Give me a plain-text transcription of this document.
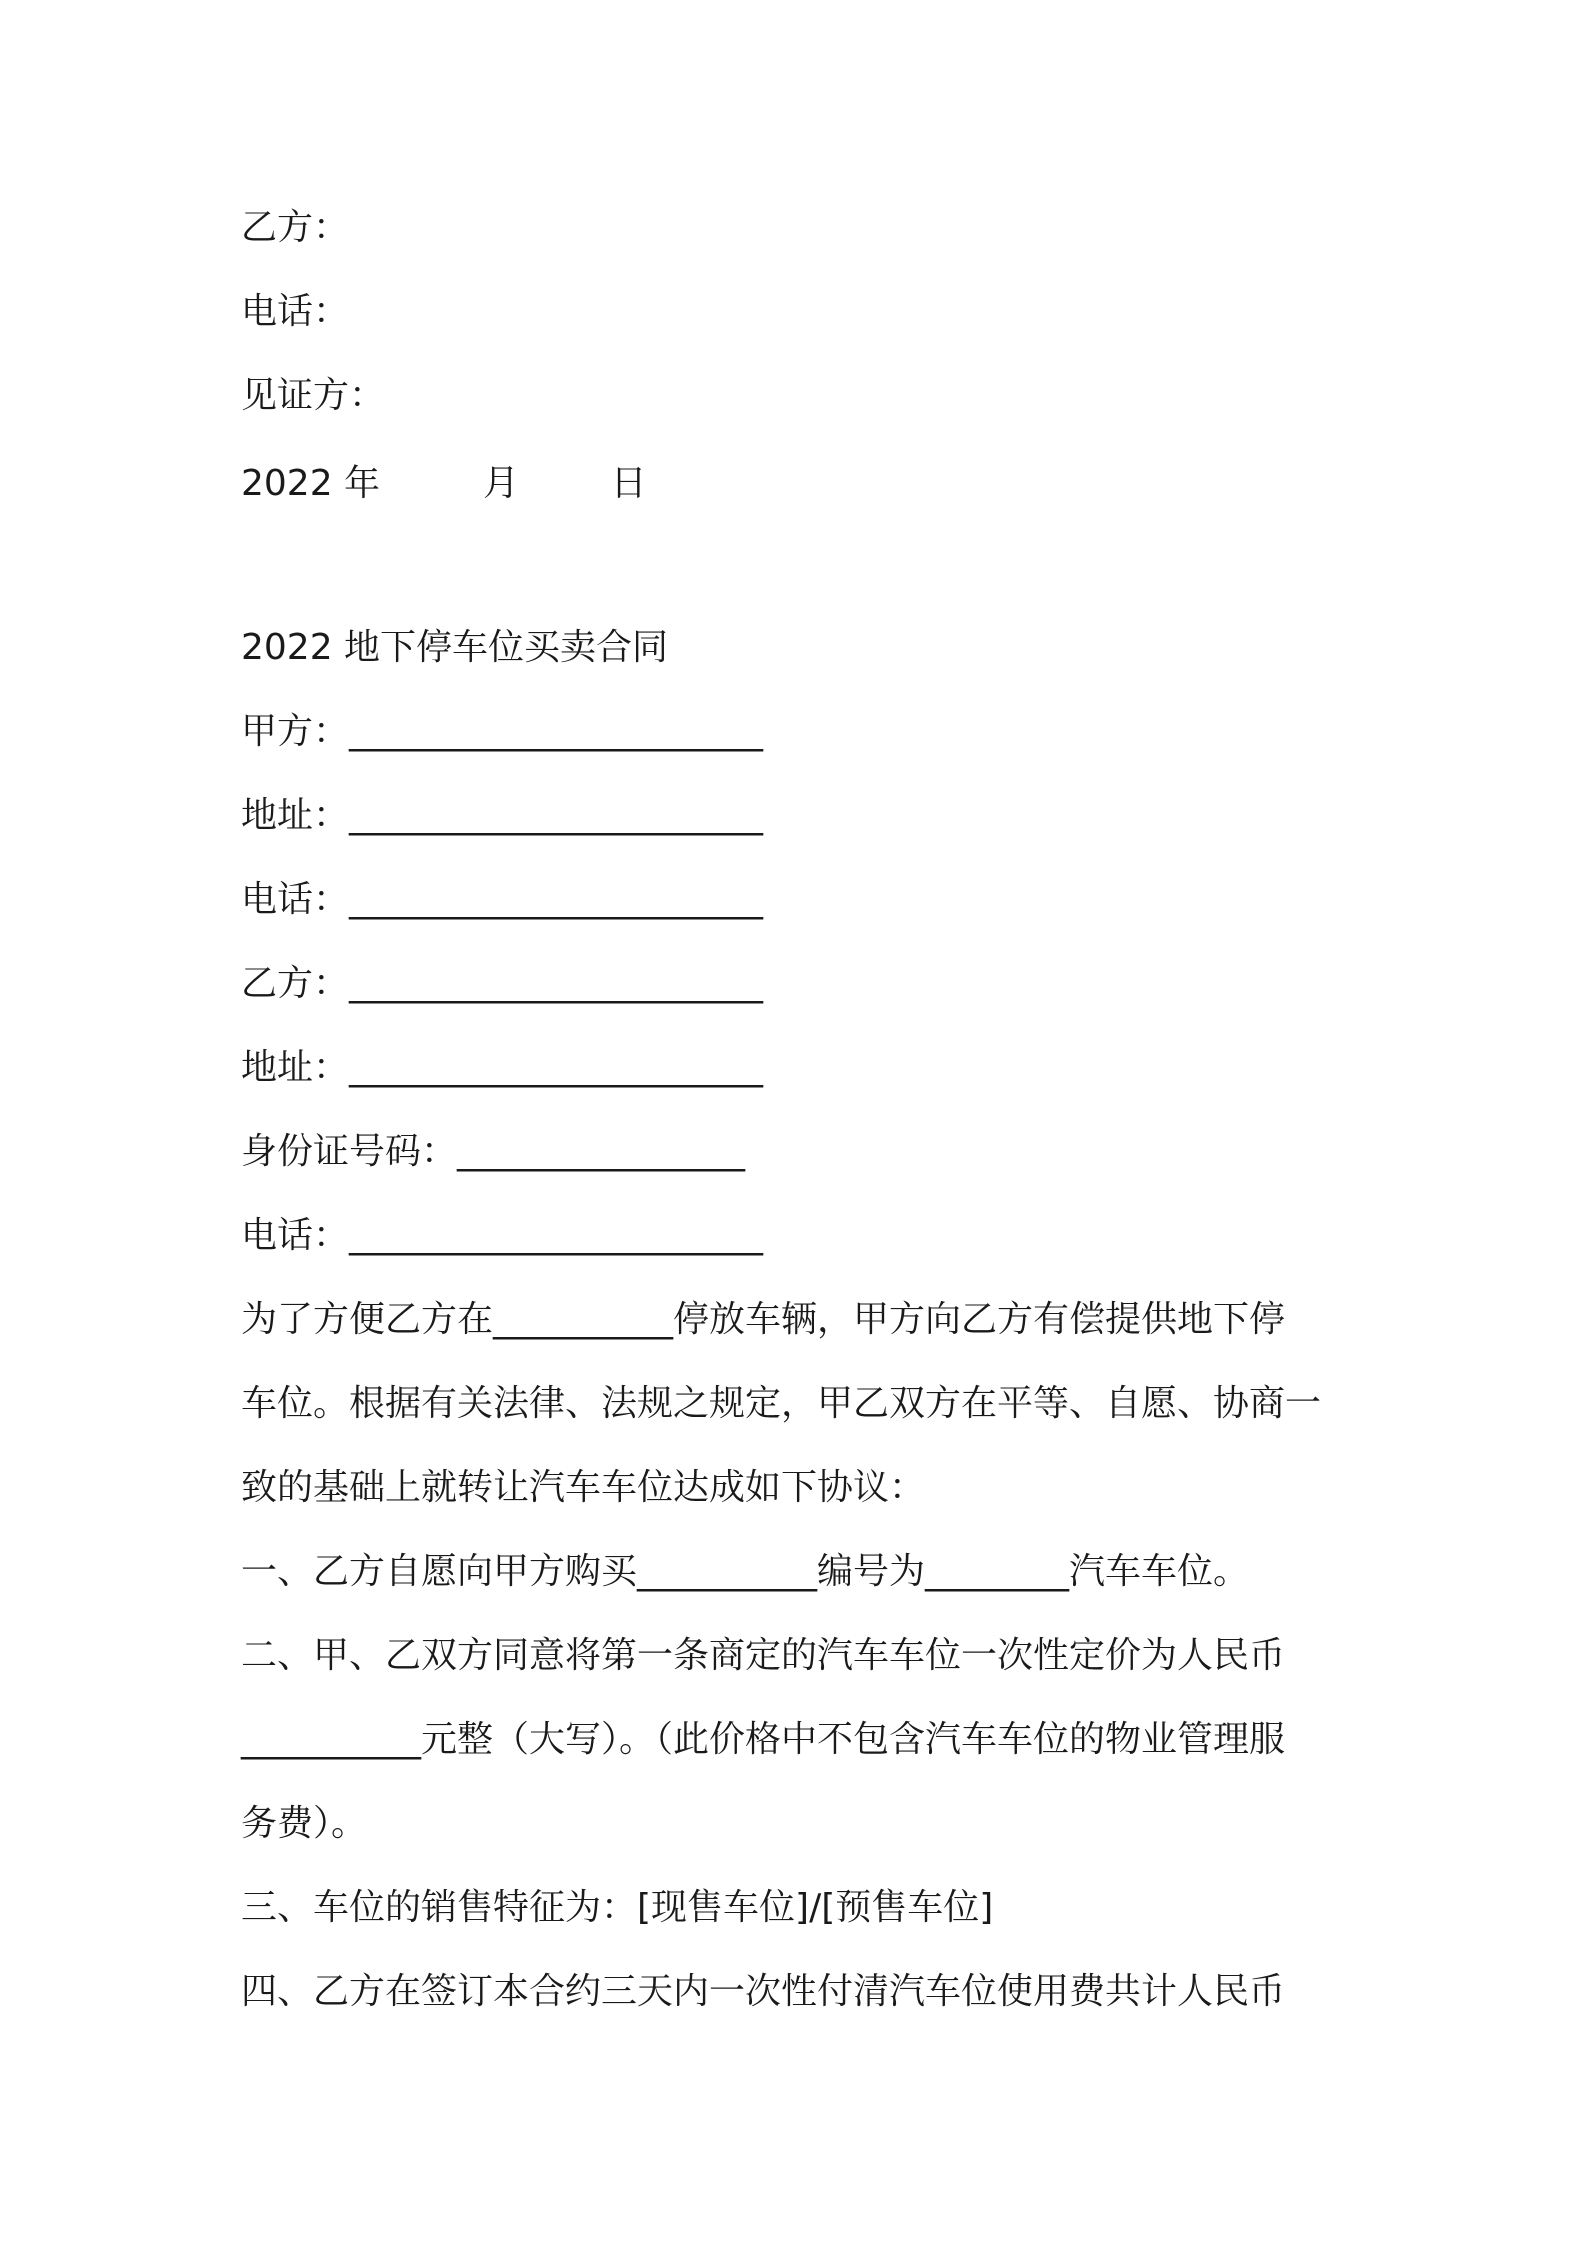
乙方：
电话：
见证方：
2022 年         月        日
2022 地下停车位买卖合同
甲方：_______________________
地址：_______________________
电话：_______________________
乙方：_______________________
地址：_______________________
身份证号码：________________
电话：_______________________
为了方便乙方在__________停放车辆，甲方向乙方有偿提供地下停
车位。根据有关法律、法规之规定，甲乙双方在平等、自愿、协商一
致的基础上就转让汽车车位达成如下协议：
一、乙方自愿向甲方购买__________编号为________汽车车位。
二、甲、乙双方同意将第一条商定的汽车车位一次性定价为人民币
__________元整（大写）。（此价格中不包含汽车车位的物业管理服
务费）。
三、车位的销售特征为：[现售车位]/[预售车位]
四、乙方在签订本合约三天内一次性付清汽车位使用费共计人民币
